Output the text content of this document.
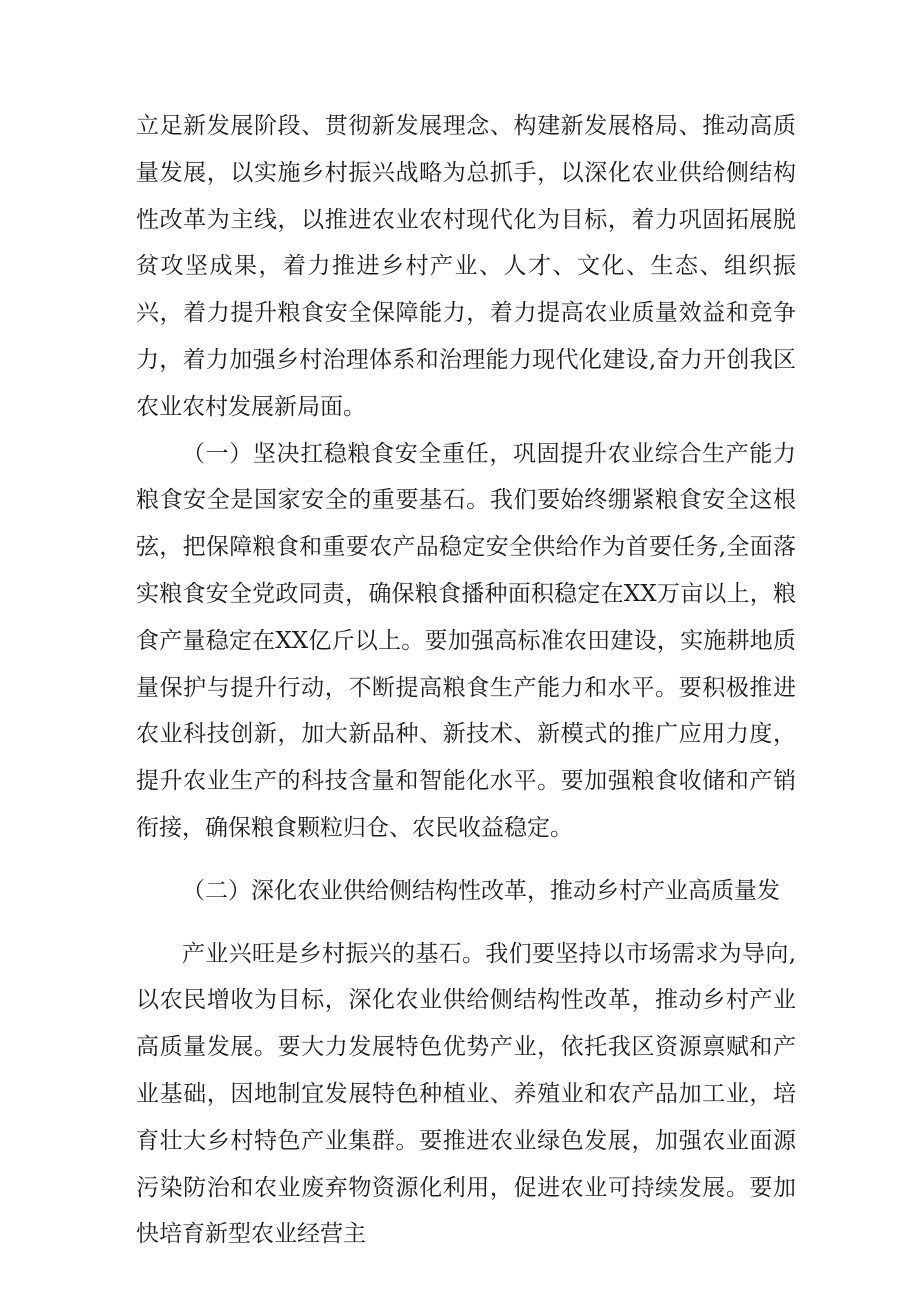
立足新发展阶段、贯彻新发展理念、构建新发展格局、推动高质量发展，以实施乡村振兴战略为总抓手，以深化农业供给侧结构性改革为主线，以推进农业农村现代化为目标，着力巩固拓展脱贫攻坚成果，着力推进乡村产业、人才、文化、生态、组织振兴，着力提升粮食安全保障能力，着力提高农业质量效益和竞争力，着力加强乡村治理体系和治理能力现代化建设,奋力开创我区农业农村发展新局面。

（一）坚决扛稳粮食安全重任，巩固提升农业综合生产能力粮食安全是国家安全的重要基石。我们要始终绷紧粮食安全这根弦，把保障粮食和重要农产品稳定安全供给作为首要任务,全面落实粮食安全党政同责，确保粮食播种面积稳定在XX万亩以上，粮食产量稳定在XX亿斤以上。要加强高标准农田建设，实施耕地质量保护与提升行动，不断提高粮食生产能力和水平。要积极推进农业科技创新，加大新品种、新技术、新模式的推广应用力度，提升农业生产的科技含量和智能化水平。要加强粮食收储和产销衔接，确保粮食颗粒归仓、农民收益稳定。

（二）深化农业供给侧结构性改革，推动乡村产业高质量发

产业兴旺是乡村振兴的基石。我们要坚持以市场需求为导向,以农民增收为目标，深化农业供给侧结构性改革，推动乡村产业高质量发展。要大力发展特色优势产业，依托我区资源禀赋和产业基础，因地制宜发展特色种植业、养殖业和农产品加工业，培育壮大乡村特色产业集群。要推进农业绿色发展，加强农业面源污染防治和农业废弃物资源化利用，促进农业可持续发展。要加快培育新型农业经营主
